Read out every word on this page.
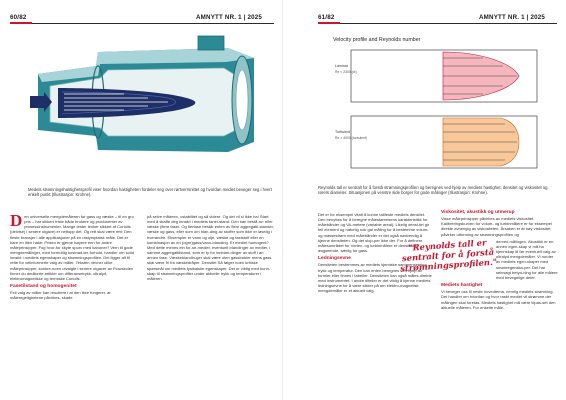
60/82	AMNYTT NR. 1 | 2025
Medels strømningshastighetsprofil viser hvordan hastigheten fordeler seg over rørtverrsnittet og hvordan mediet beveger seg i hvert enkelt punkt (Illustrasjon: Krohne).

Den universelle mengdemåleren for gass og væske – til en gro pris – har sikkert friste både brukere og produsenter av prosessinstrumenter. Mange tester lenker sikkert at Coriolis (delvise) i senere utgave) er nettopp det. Og rett skal være rett: Den fleste bransjer i alle applikasjoner på en utstyrsplatsk måte. Det er bare en liten hake: Prisen er gjerne høyere enn for andre måleprinsipper. Fog hvor-for skyte spurv med kanoner? Vern til gode mengdemålinger, med formuttig kostnad-ter-forhold, handler om solid innsikt i mediets egenskaper og strømningsprofilen. Dei ligger alt til rette for velinformerte valg av måler. Teksten nevner ulike måleprinsipper, konkre-noen utvalgte i senere utgaver av Flowskolen finner du dedikerte artikler om differansetrykk, ultralyd, elektromagnetiske og termiske Coriolis.

Fasetilstand og homogenitet

Feil valg av måler kan resultere i at den ikke fungerer, at måleregelighetene påvirkes, skade

på selve måleren, ustabilitet og så videre. Og det vil si ikke ha! Start med å skaffe deg innsikt i mediets tanel-stand. Den kan bestå av: eller væske (flere faser. Og flerfase består enten av flere aggregatil-stander, væske og gass, eller som om blan-ding av stoffer som ikke er løselig i hverandre. Eksempler er vann og olje, væske og faststoff eller en kombinasjon av en (ogre)gass/vann-blanding. Er mediet homogent? Med dette menes ein for-se-medier, eventuelt blandinger av medier, i samme aggregattilstand, som er ty for innbian-dinger av stoff i an annen fase. Væskeblandin-ger skal være uten gassbobler mens gass skal være fri fra væskedråper. Densitet Så følger noen kritiske spørsmål om mediets fysikalske egenskaper. Det er viktig med kunn-skap til strømningsprofiler under aktuelle trykk og temperaturer i måleren.

61/82	AMNYTT NR. 1 | 2025
Velocity profile and Reynolds number
Laminar
Re < 2300 (ct)
Turbulent
Re > 4000 (turbulent)
Reynolds tall er sentralt for å forstå strømningsprofilen og beregnes ved hjelp av mediets hastighet, densitet og viskositet og rørets diameter. Situasjonen på venstre side borger for gode målinger (Illustrasjon: Krohne).

Det er for eksempel vitalt å kunne tallfeste mediets densitet. Den benyttes for å beregne målestørrelsens karakteristikk for målebånder og VA-metere (variable areal). Likelig densi-tet gir feil element og naturlig nok gal måling for å bestemme volum- og massestrøm med målebånder er det også nødvendig å kjenne densiteten. Og det slop-per ikke der. For å definere målesområdet for Vortex- og turbinmålere er densiteten avgjørende, særlig for gass.

Ledningsevne

Densiteten bestemmes av mediets kjemiske sammensetning, trykk og temperatur. Den kan enten beregnes ved hjelp av formler eller finnes i tabeller. Densiteten kan også måles direkte med instrumentet. I andre tilfeller er det viktig å kjenne mediets ledningsevne for å være sikker på om elektro-magnetisk mengdemåler er et aktuelt valg.

Viskositet, akustikk og utmerup

Visse måleprinsipper påvirkes av mediets viskositet. Kalibreringskurven for volum- og turbinmålere er for eksempel direkte avhengig av viskositeten. Årsaken er at høy viskositet påvirker utforming av strømningsprofilen og

derved målingen. Akustikk er en annen egen-skap vi må ha kjennskap til før eventuelt valg av ultralyd mengdemåler. Vi runder av mediets egen-skaper med smøreegenska-per. Det har selvsagt betyd-ning for alle målere med bevegelige deler.

Mediets hastighet

Vi beveger oss til neste hovedtema, nemlig mediets strømning. Det handler om hvordan og hvor raskt mediet vil strømme der målingen skal foretas. Mediets hastighet må være tilpas-set den aktuelle måleren. For enkelte måle-

"Reynolds tall er sentralt for å forstå strømningsprofilen."
